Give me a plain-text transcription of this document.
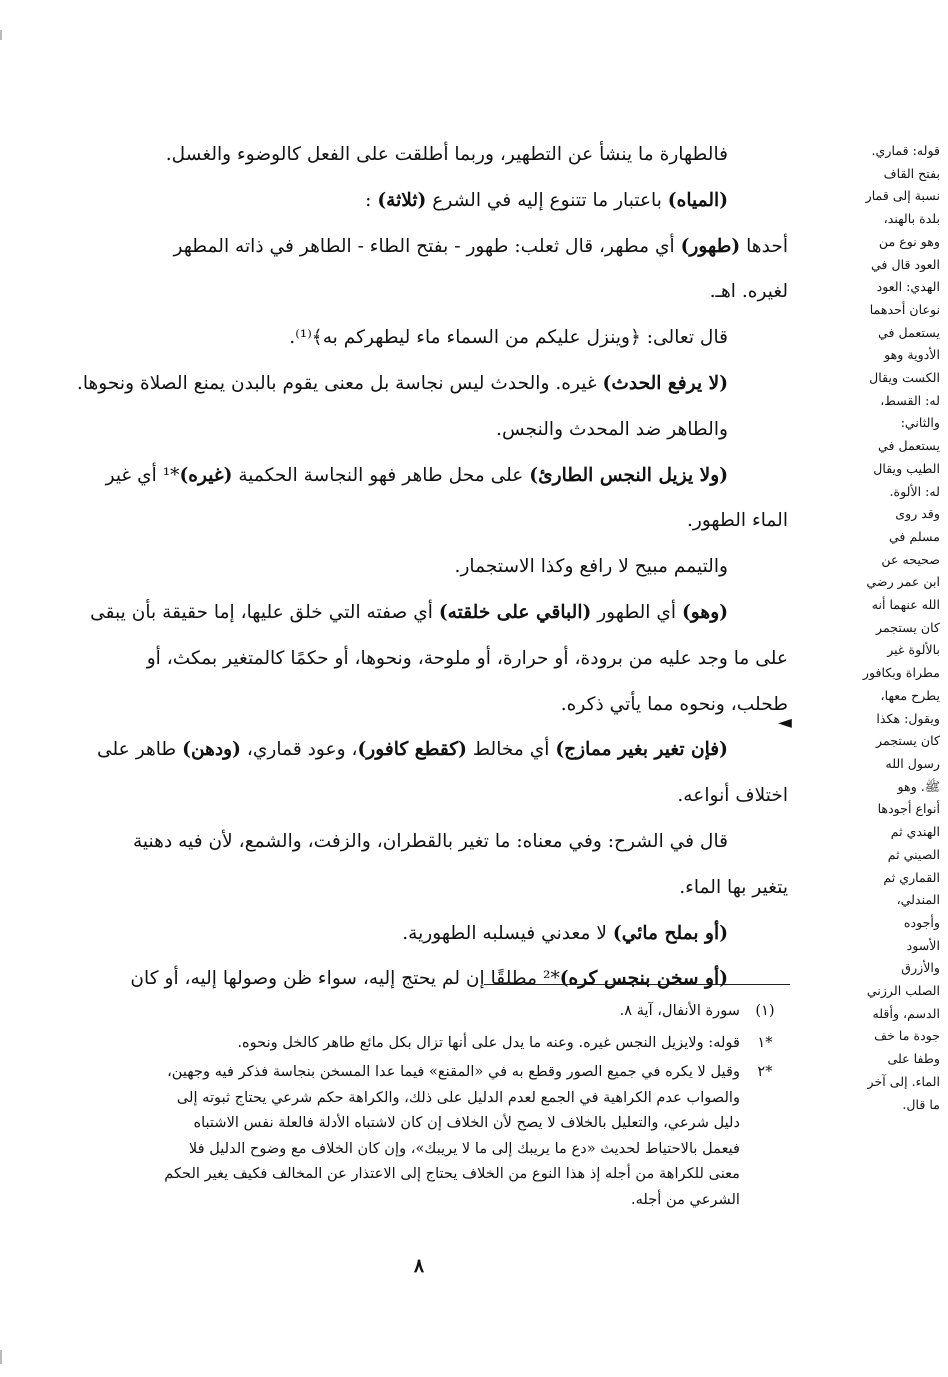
قوله: قماري.
بفتح القاف
نسبة إلى قمار
بلدة بالهند،
وهو نوع من
العود قال في
الهدي: العود
نوعان أحدهما
يستعمل في
الأدوية وهو
الكست ويقال
له: القسط،
والثاني:
يستعمل في
الطيب ويقال
له: الألوة.
وقد روى
مسلم في
صحيحه عن
ابن عمر رضي
الله عنهما أنه
كان يستجمر
بالألوة غير
مطراة وبكافور
يطرح معها،
ويقول: هكذا
كان يستجمر
رسول الله
ﷺ. وهو
أنواع أجودها
الهندي ثم
الصيني ثم
القماري ثم
المندلي،
وأجوده
الأسود
والأزرق
الصلب الرزني
الدسم، وأقله
جودة ما خف
وطفا على
الماء. إلى آخر
ما قال.
فالطهارة ما ينشأ عن التطهير، وربما أطلقت على الفعل كالوضوء والغسل.
(المياه) باعتبار ما تتنوع إليه في الشرع (ثلاثة) :
أحدها (طهور) أي مطهر، قال ثعلب: طهور - بفتح الطاء - الطاهر في ذاته المطهر
لغيره. اهـ.
قال تعالى: ﴿وينزل عليكم من السماء ماء ليطهركم به﴾⁽¹⁾.
(لا يرفع الحدث) غيره. والحدث ليس نجاسة بل معنى يقوم بالبدن يمنع الصلاة ونحوها.
والطاهر ضد المحدث والنجس.
(ولا يزيل النجس الطارئ) على محل طاهر فهو النجاسة الحكمية (غيره)*¹ أي غير
الماء الطهور.
والتيمم مبيح لا رافع وكذا الاستجمار.
(وهو) أي الطهور (الباقي على خلقته) أي صفته التي خلق عليها، إما حقيقة بأن يبقى
على ما وجد عليه من برودة، أو حرارة، أو ملوحة، ونحوها، أو حكمًا كالمتغير بمكث، أو
طحلب، ونحوه مما يأتي ذكره.
(فإن تغير بغير ممازج) أي مخالط (كقطع كافور)، وعود قماري، (ودهن) طاهر على
اختلاف أنواعه.
قال في الشرح: وفي معناه: ما تغير بالقطران، والزفت، والشمع، لأن فيه دهنية
يتغير بها الماء.
(أو بملح مائي) لا معدني فيسلبه الطهورية.
(أو سخن بنجس كره)*² مطلقًا إن لم يحتج إليه، سواء ظن وصولها إليه، أو كان
◄
(١)سورة الأنفال، آية ٨.
*١قوله: ولايزيل النجس غيره. وعنه ما يدل على أنها تزال بكل مائع طاهر كالخل ونحوه.
*٢وقيل لا يكره في جميع الصور وقطع به في «المقنع» فيما عدا المسخن بنجاسة فذكر فيه وجهين،
والصواب عدم الكراهية في الجمع لعدم الدليل على ذلك، والكراهة حكم شرعي يحتاج ثبوته إلى
دليل شرعي، والتعليل بالخلاف لا يصح لأن الخلاف إن كان لاشتباه الأدلة فالعلة نفس الاشتباه
فيعمل بالاحتياط لحديث «دع ما يريبك إلى ما لا يريبك»، وإن كان الخلاف مع وضوح الدليل فلا
معنى للكراهة من أجله إذ هذا النوع من الخلاف يحتاج إلى الاعتذار عن المخالف فكيف يغير الحكم
الشرعي من أجله.
٨
